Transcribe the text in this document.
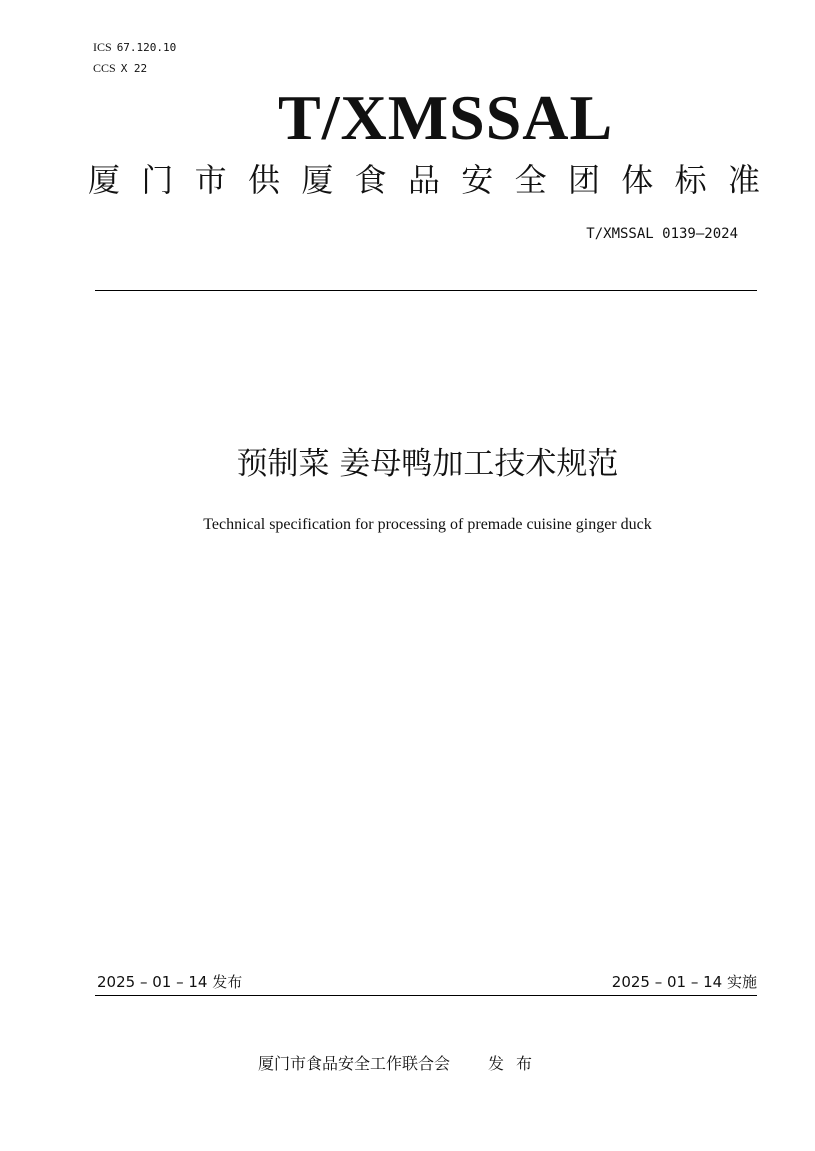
ICS 67.120.10
CCS X 22
T/XMSSAL
厦 门 市 供 厦 食 品 安 全 团 体 标 准
T/XMSSAL 0139—2024
预制菜 姜母鸭加工技术规范
Technical specification for processing of premade cuisine ginger duck
2025 – 01 – 14 发布	2025 – 01 – 14 实施
厦门市食品安全工作联合会 发布
